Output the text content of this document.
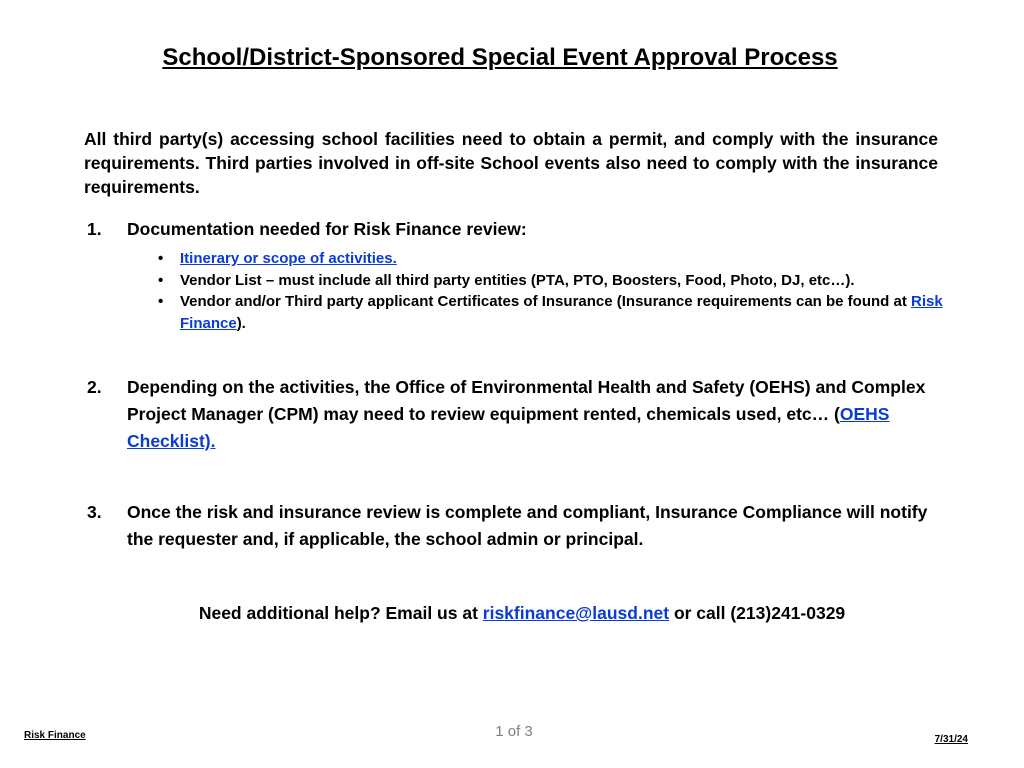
School/District-Sponsored Special Event Approval Process

All third party(s) accessing school facilities need to obtain a permit, and comply with the insurance requirements. Third parties involved in off-site School events also need to comply with the insurance requirements.

1. Documentation needed for Risk Finance review:
• Itinerary or scope of activities.
• Vendor List – must include all third party entities (PTA, PTO, Boosters, Food, Photo, DJ, etc…).
• Vendor and/or Third party applicant Certificates of Insurance (Insurance requirements can be found at Risk Finance).
2. Depending on the activities, the Office of Environmental Health and Safety (OEHS) and Complex Project Manager (CPM) may need to review equipment rented, chemicals used, etc… (OEHS Checklist).
3. Once the risk and insurance review is complete and compliant, Insurance Compliance will notify the requester and, if applicable, the school admin or principal.
Need additional help? Email us at riskfinance@lausd.net or call (213)241-0329
Risk Finance	1 of 3	7/31/24
